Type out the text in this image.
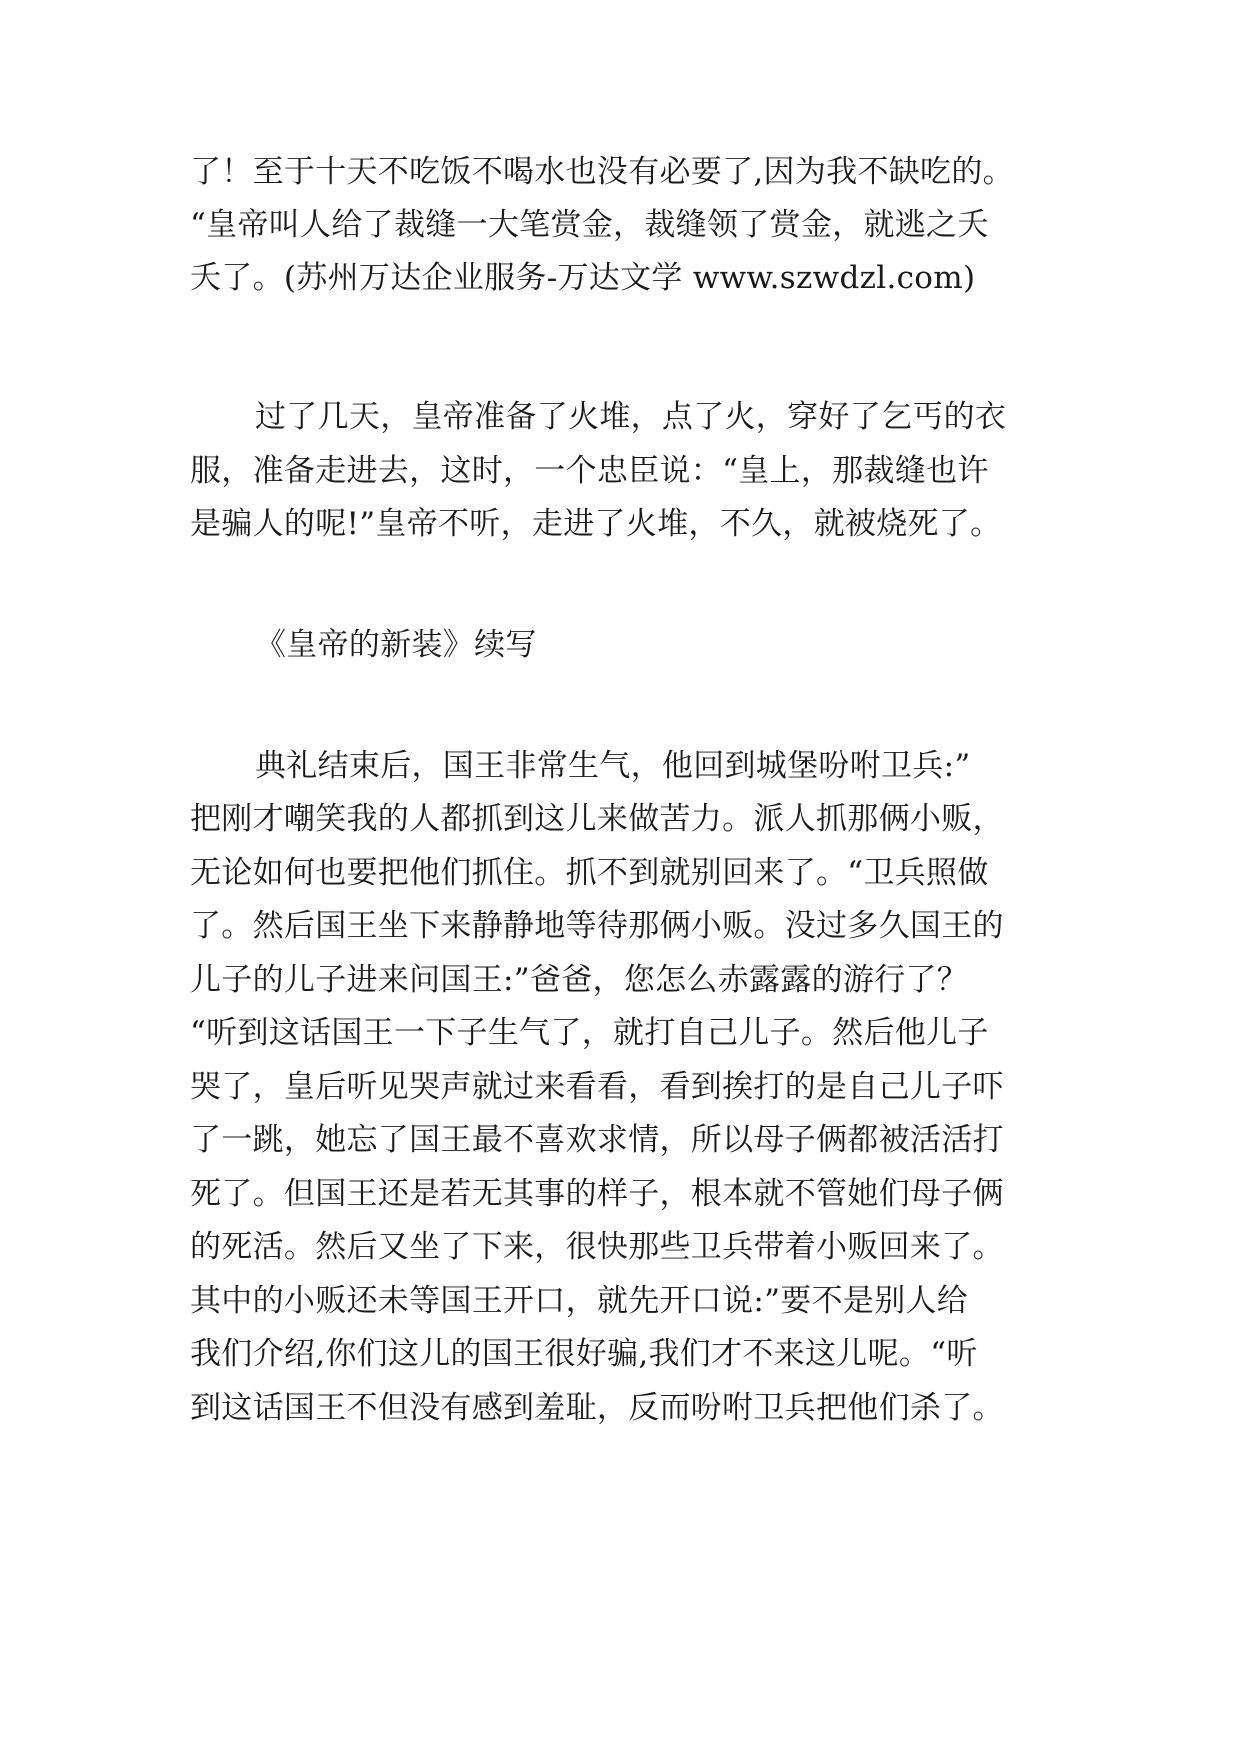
了！至于十天不吃饭不喝水也没有必要了,因为我不缺吃的。
“皇帝叫人给了裁缝一大笔赏金，裁缝领了赏金，就逃之夭
夭了。(苏州万达企业服务-万达文学 www.szwdzl.com)
过了几天，皇帝准备了火堆，点了火，穿好了乞丐的衣
服，准备走进去，这时，一个忠臣说：“皇上，那裁缝也许
是骗人的呢!”皇帝不听，走进了火堆，不久，就被烧死了。
《皇帝的新装》续写
典礼结束后，国王非常生气，他回到城堡吩咐卫兵:”
把刚才嘲笑我的人都抓到这儿来做苦力。派人抓那俩小贩，
无论如何也要把他们抓住。抓不到就别回来了。“卫兵照做
了。然后国王坐下来静静地等待那俩小贩。没过多久国王的
儿子的儿子进来问国王:”爸爸，您怎么赤露露的游行了？
“听到这话国王一下子生气了，就打自己儿子。然后他儿子
哭了，皇后听见哭声就过来看看，看到挨打的是自己儿子吓
了一跳，她忘了国王最不喜欢求情，所以母子俩都被活活打
死了。但国王还是若无其事的样子，根本就不管她们母子俩
的死活。然后又坐了下来，很快那些卫兵带着小贩回来了。
其中的小贩还未等国王开口，就先开口说:”要不是别人给
我们介绍,你们这儿的国王很好骗,我们才不来这儿呢。“听
到这话国王不但没有感到羞耻，反而吩咐卫兵把他们杀了。
